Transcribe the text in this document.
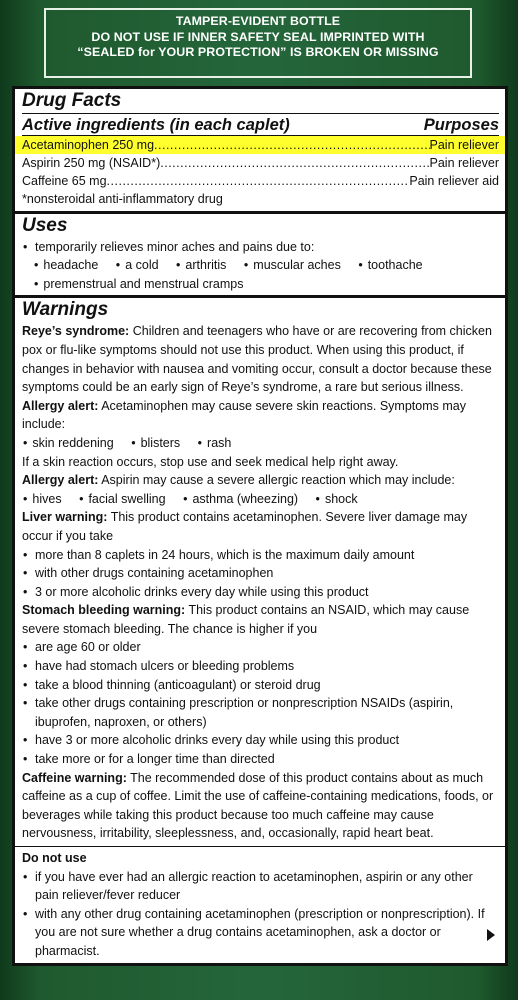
TAMPER-EVIDENT BOTTLE
DO NOT USE IF INNER SAFETY SEAL IMPRINTED WITH
“SEALED for YOUR PROTECTION” IS BROKEN OR MISSING
Drug Facts
Active ingredients (in each caplet)	Purposes
Acetaminophen 250 mg .....	Pain reliever
Aspirin 250 mg (NSAID*) .....	Pain reliever
Caffeine 65 mg .....	Pain reliever aid
*nonsteroidal anti-inflammatory drug
Uses
• temporarily relieves minor aches and pains due to:
• headache • a cold • arthritis • muscular aches • toothache
• premenstrual and menstrual cramps
Warnings
Reye’s syndrome: Children and teenagers who have or are recovering from chicken pox or flu-like symptoms should not use this product. When using this product, if changes in behavior with nausea and vomiting occur, consult a doctor because these symptoms could be an early sign of Reye’s syndrome, a rare but serious illness.
Allergy alert: Acetaminophen may cause severe skin reactions. Symptoms may include:
• skin reddening • blisters • rash
If a skin reaction occurs, stop use and seek medical help right away.
Allergy alert: Aspirin may cause a severe allergic reaction which may include:
• hives • facial swelling • asthma (wheezing) • shock
Liver warning: This product contains acetaminophen. Severe liver damage may occur if you take
• more than 8 caplets in 24 hours, which is the maximum daily amount
• with other drugs containing acetaminophen
• 3 or more alcoholic drinks every day while using this product
Stomach bleeding warning: This product contains an NSAID, which may cause severe stomach bleeding. The chance is higher if you
• are age 60 or older
• have had stomach ulcers or bleeding problems
• take a blood thinning (anticoagulant) or steroid drug
• take other drugs containing prescription or nonprescription NSAIDs (aspirin, ibuprofen, naproxen, or others)
• have 3 or more alcoholic drinks every day while using this product
• take more or for a longer time than directed
Caffeine warning: The recommended dose of this product contains about as much caffeine as a cup of coffee. Limit the use of caffeine-containing medications, foods, or beverages while taking this product because too much caffeine may cause nervousness, irritability, sleeplessness, and, occasionally, rapid heart beat.
Do not use
• if you have ever had an allergic reaction to acetaminophen, aspirin or any other pain reliever/fever reducer
• with any other drug containing acetaminophen (prescription or nonprescription). If you are not sure whether a drug contains acetaminophen, ask a doctor or pharmacist.
